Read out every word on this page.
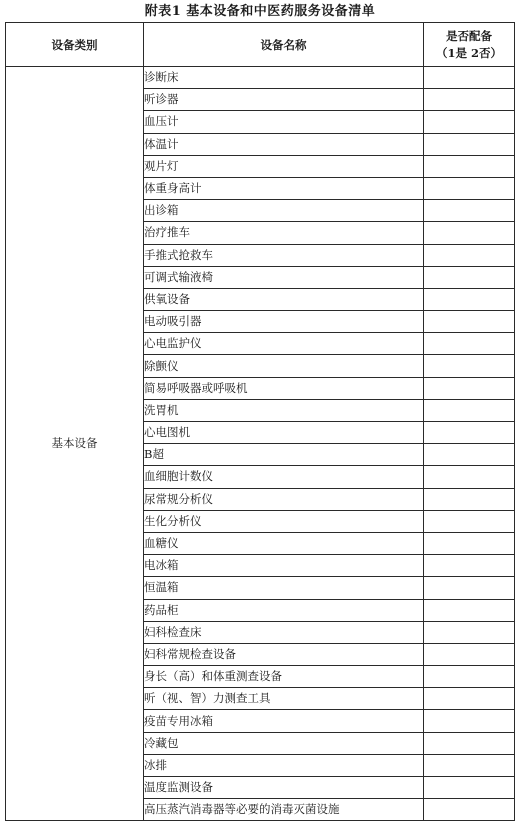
附表1 基本设备和中医药服务设备清单
设备类别	设备名称	是否配备
（1是 2否）

基本设备	诊断床	
	听诊器	
	血压计	
	体温计	
	观片灯	
	体重身高计	
	出诊箱	
	治疗推车	
	手推式抢救车	
	可调式输液椅	
	供氧设备	
	电动吸引器	
	心电监护仪	
	除颤仪	
	简易呼吸器或呼吸机	
	洗胃机	
	心电图机	
	B超	
	血细胞计数仪	
	尿常规分析仪	
	生化分析仪	
	血糖仪	
	电冰箱	
	恒温箱	
	药品柜	
	妇科检查床	
	妇科常规检查设备	
	身长（高）和体重测查设备	
	听（视、智）力测查工具	
	疫苗专用冰箱	
	冷藏包	
	冰排	
	温度监测设备	
	高压蒸汽消毒器等必要的消毒灭菌设施	
